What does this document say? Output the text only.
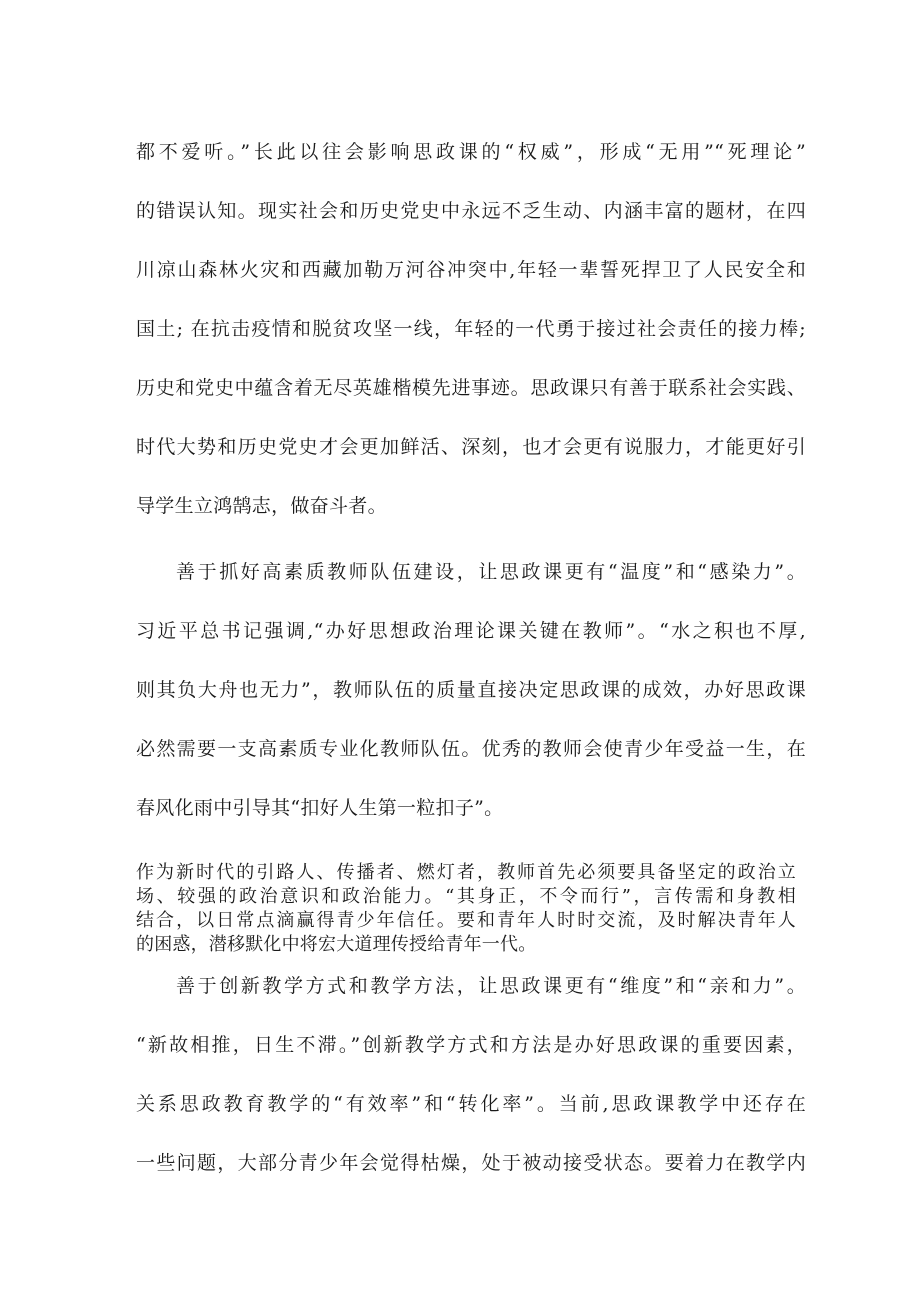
都不爱听。”长此以往会影响思政课的“权威”，形成“无用”“死理论”
的错误认知。现实社会和历史党史中永远不乏生动、内涵丰富的题材，在四
川凉山森林火灾和西藏加勒万河谷冲突中,年轻一辈誓死捍卫了人民安全和
国土; 在抗击疫情和脱贫攻坚一线，年轻的一代勇于接过社会责任的接力棒;
历史和党史中蕴含着无尽英雄楷模先进事迹。思政课只有善于联系社会实践、
时代大势和历史党史才会更加鲜活、深刻，也才会更有说服力，才能更好引
导学生立鸿鹄志，做奋斗者。
善于抓好高素质教师队伍建设，让思政课更有“温度”和“感染力”。
习近平总书记强调,“办好思想政治理论课关键在教师”。“水之积也不厚,
则其负大舟也无力”，教师队伍的质量直接决定思政课的成效，办好思政课
必然需要一支高素质专业化教师队伍。优秀的教师会使青少年受益一生，在
春风化雨中引导其“扣好人生第一粒扣子”。
作为新时代的引路人、传播者、燃灯者，教师首先必须要具备坚定的政治立
场、较强的政治意识和政治能力。“其身正，不令而行”，言传需和身教相
结合，以日常点滴赢得青少年信任。要和青年人时时交流，及时解决青年人
的困惑，潜移默化中将宏大道理传授给青年一代。
善于创新教学方式和教学方法，让思政课更有“维度”和“亲和力”。
“新故相推，日生不滞。”创新教学方式和方法是办好思政课的重要因素，
关系思政教育教学的“有效率”和“转化率”。当前,思政课教学中还存在
一些问题，大部分青少年会觉得枯燥，处于被动接受状态。要着力在教学内
